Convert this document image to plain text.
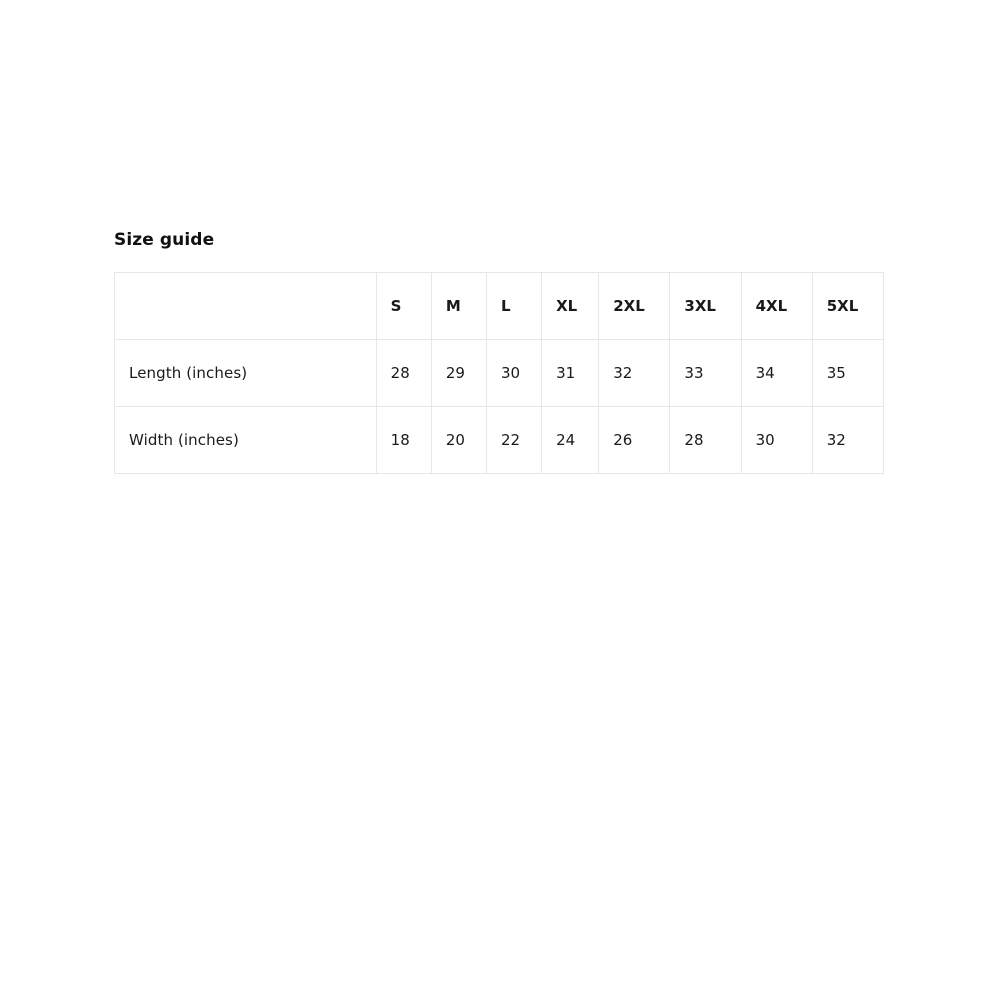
Size guide
	S	M	L	XL	2XL	3XL	4XL	5XL
Length (inches)	28	29	30	31	32	33	34	35
Width (inches)	18	20	22	24	26	28	30	32
